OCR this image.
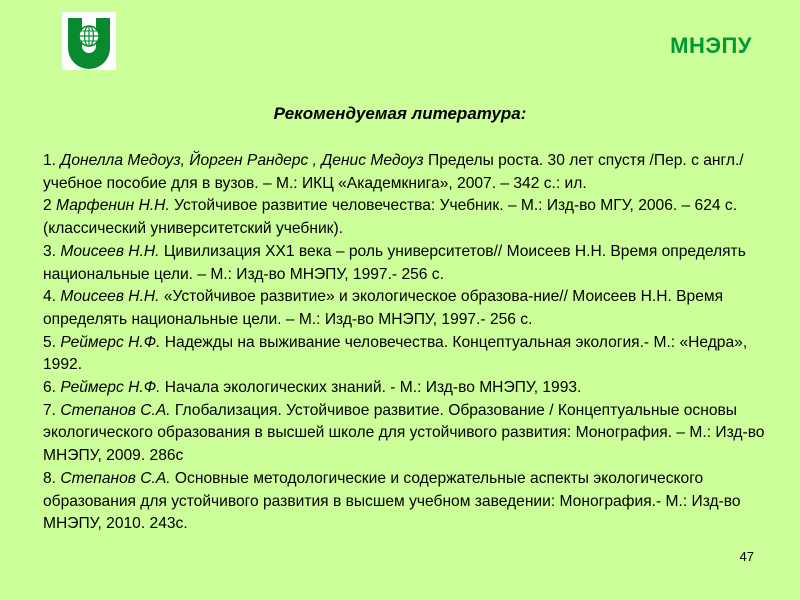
МНЭПУ
Рекомендуемая литература:

1. Донелла Медоуз, Йорген Рандерс , Денис Медоуз Пределы роста. 30 лет спустя /Пер. с англ./учебное пособие для в вузов. – М.: ИКЦ «Академкнига», 2007. – 342 с.: ил.

2 Марфенин Н.Н. Устойчивое развитие человечества: Учебник. – М.: Изд-во МГУ, 2006. – 624 с. (классический университетский учебник).

3. Моисеев Н.Н. Цивилизация ХХ1 века – роль университетов// Моисеев Н.Н. Время определять национальные цели. – М.: Изд-во МНЭПУ, 1997.- 256 с.

4. Моисеев Н.Н. «Устойчивое развитие» и экологическое образова-ние// Моисеев Н.Н. Время определять национальные цели. – М.: Изд-во МНЭПУ, 1997.- 256 с.

5. Реймерс Н.Ф. Надежды на выживание человечества. Концептуальная экология.- М.: «Недра», 1992.

6. Реймерс Н.Ф. Начала экологических знаний. - М.: Изд-во МНЭПУ, 1993.

7. Степанов С.А. Глобализация. Устойчивое развитие. Образование / Концептуальные основы экологического образования в высшей школе для устойчивого развития: Монография. – М.: Изд-во МНЭПУ, 2009. 286с

8. Степанов С.А. Основные методологические и содержательные аспекты экологического образования для устойчивого развития в высшем учебном заведении: Монография.- М.: Изд-во МНЭПУ, 2010. 243с.

47
